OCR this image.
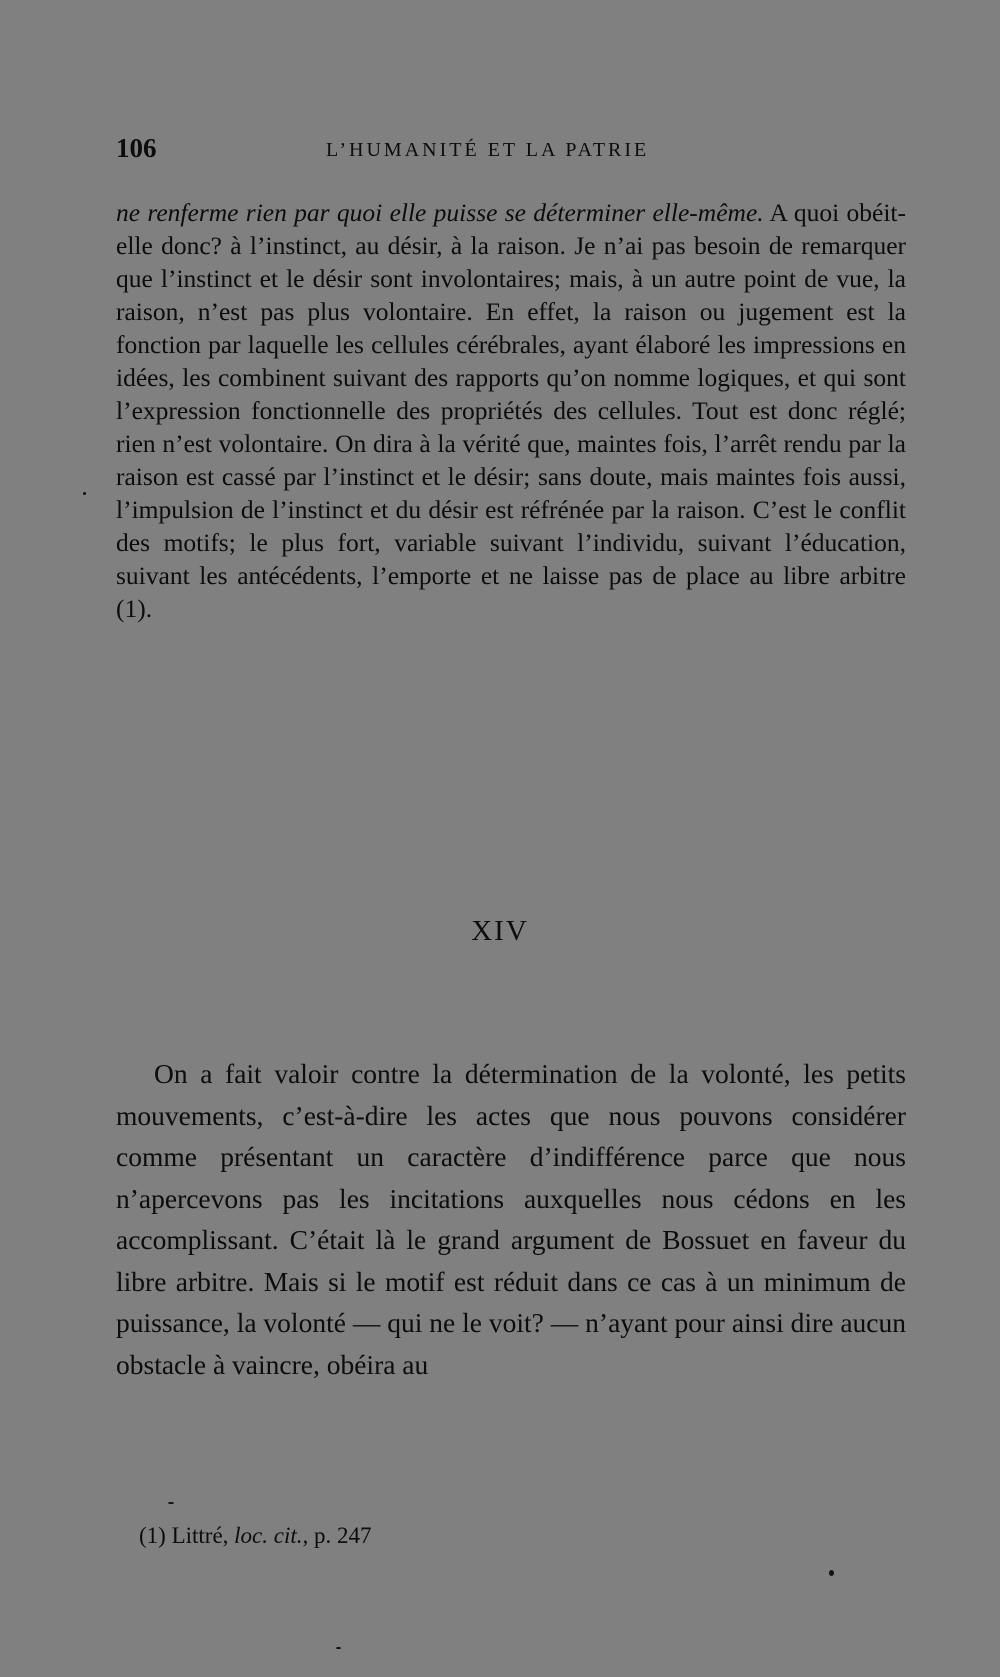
106	L’HUMANITÉ ET LA PATRIE
ne renferme rien par quoi elle puisse se déterminer elle-même. A quoi obéit-elle donc? à l’instinct, au désir, à la raison. Je n’ai pas besoin de remarquer que l’instinct et le désir sont involontaires; mais, à un autre point de vue, la raison, n’est pas plus volontaire. En effet, la raison ou jugement est la fonction par laquelle les cellules cérébrales, ayant élaboré les impressions en idées, les combinent suivant des rapports qu’on nomme logiques, et qui sont l’expression fonctionnelle des propriétés des cellules. Tout est donc réglé; rien n’est volontaire. On dira à la vérité que, maintes fois, l’arrêt rendu par la raison est cassé par l’instinct et le désir; sans doute, mais maintes fois aussi, l’impulsion de l’instinct et du désir est réfrénée par la raison. C’est le conflit des motifs; le plus fort, variable suivant l’individu, suivant l’éducation, suivant les antécédents, l’emporte et ne laisse pas de place au libre arbitre (1).
XIV
On a fait valoir contre la détermination de la volonté, les petits mouvements, c’est-à-dire les actes que nous pouvons considérer comme présentant un caractère d’indifférence parce que nous n’apercevons pas les incitations auxquelles nous cédons en les accomplissant. C’était là le grand argument de Bossuet en faveur du libre arbitre. Mais si le motif est réduit dans ce cas à un minimum de puissance, la volonté — qui ne le voit? — n’ayant pour ainsi dire aucun obstacle à vaincre, obéira au
(1) Littré, loc. cit., p. 247
